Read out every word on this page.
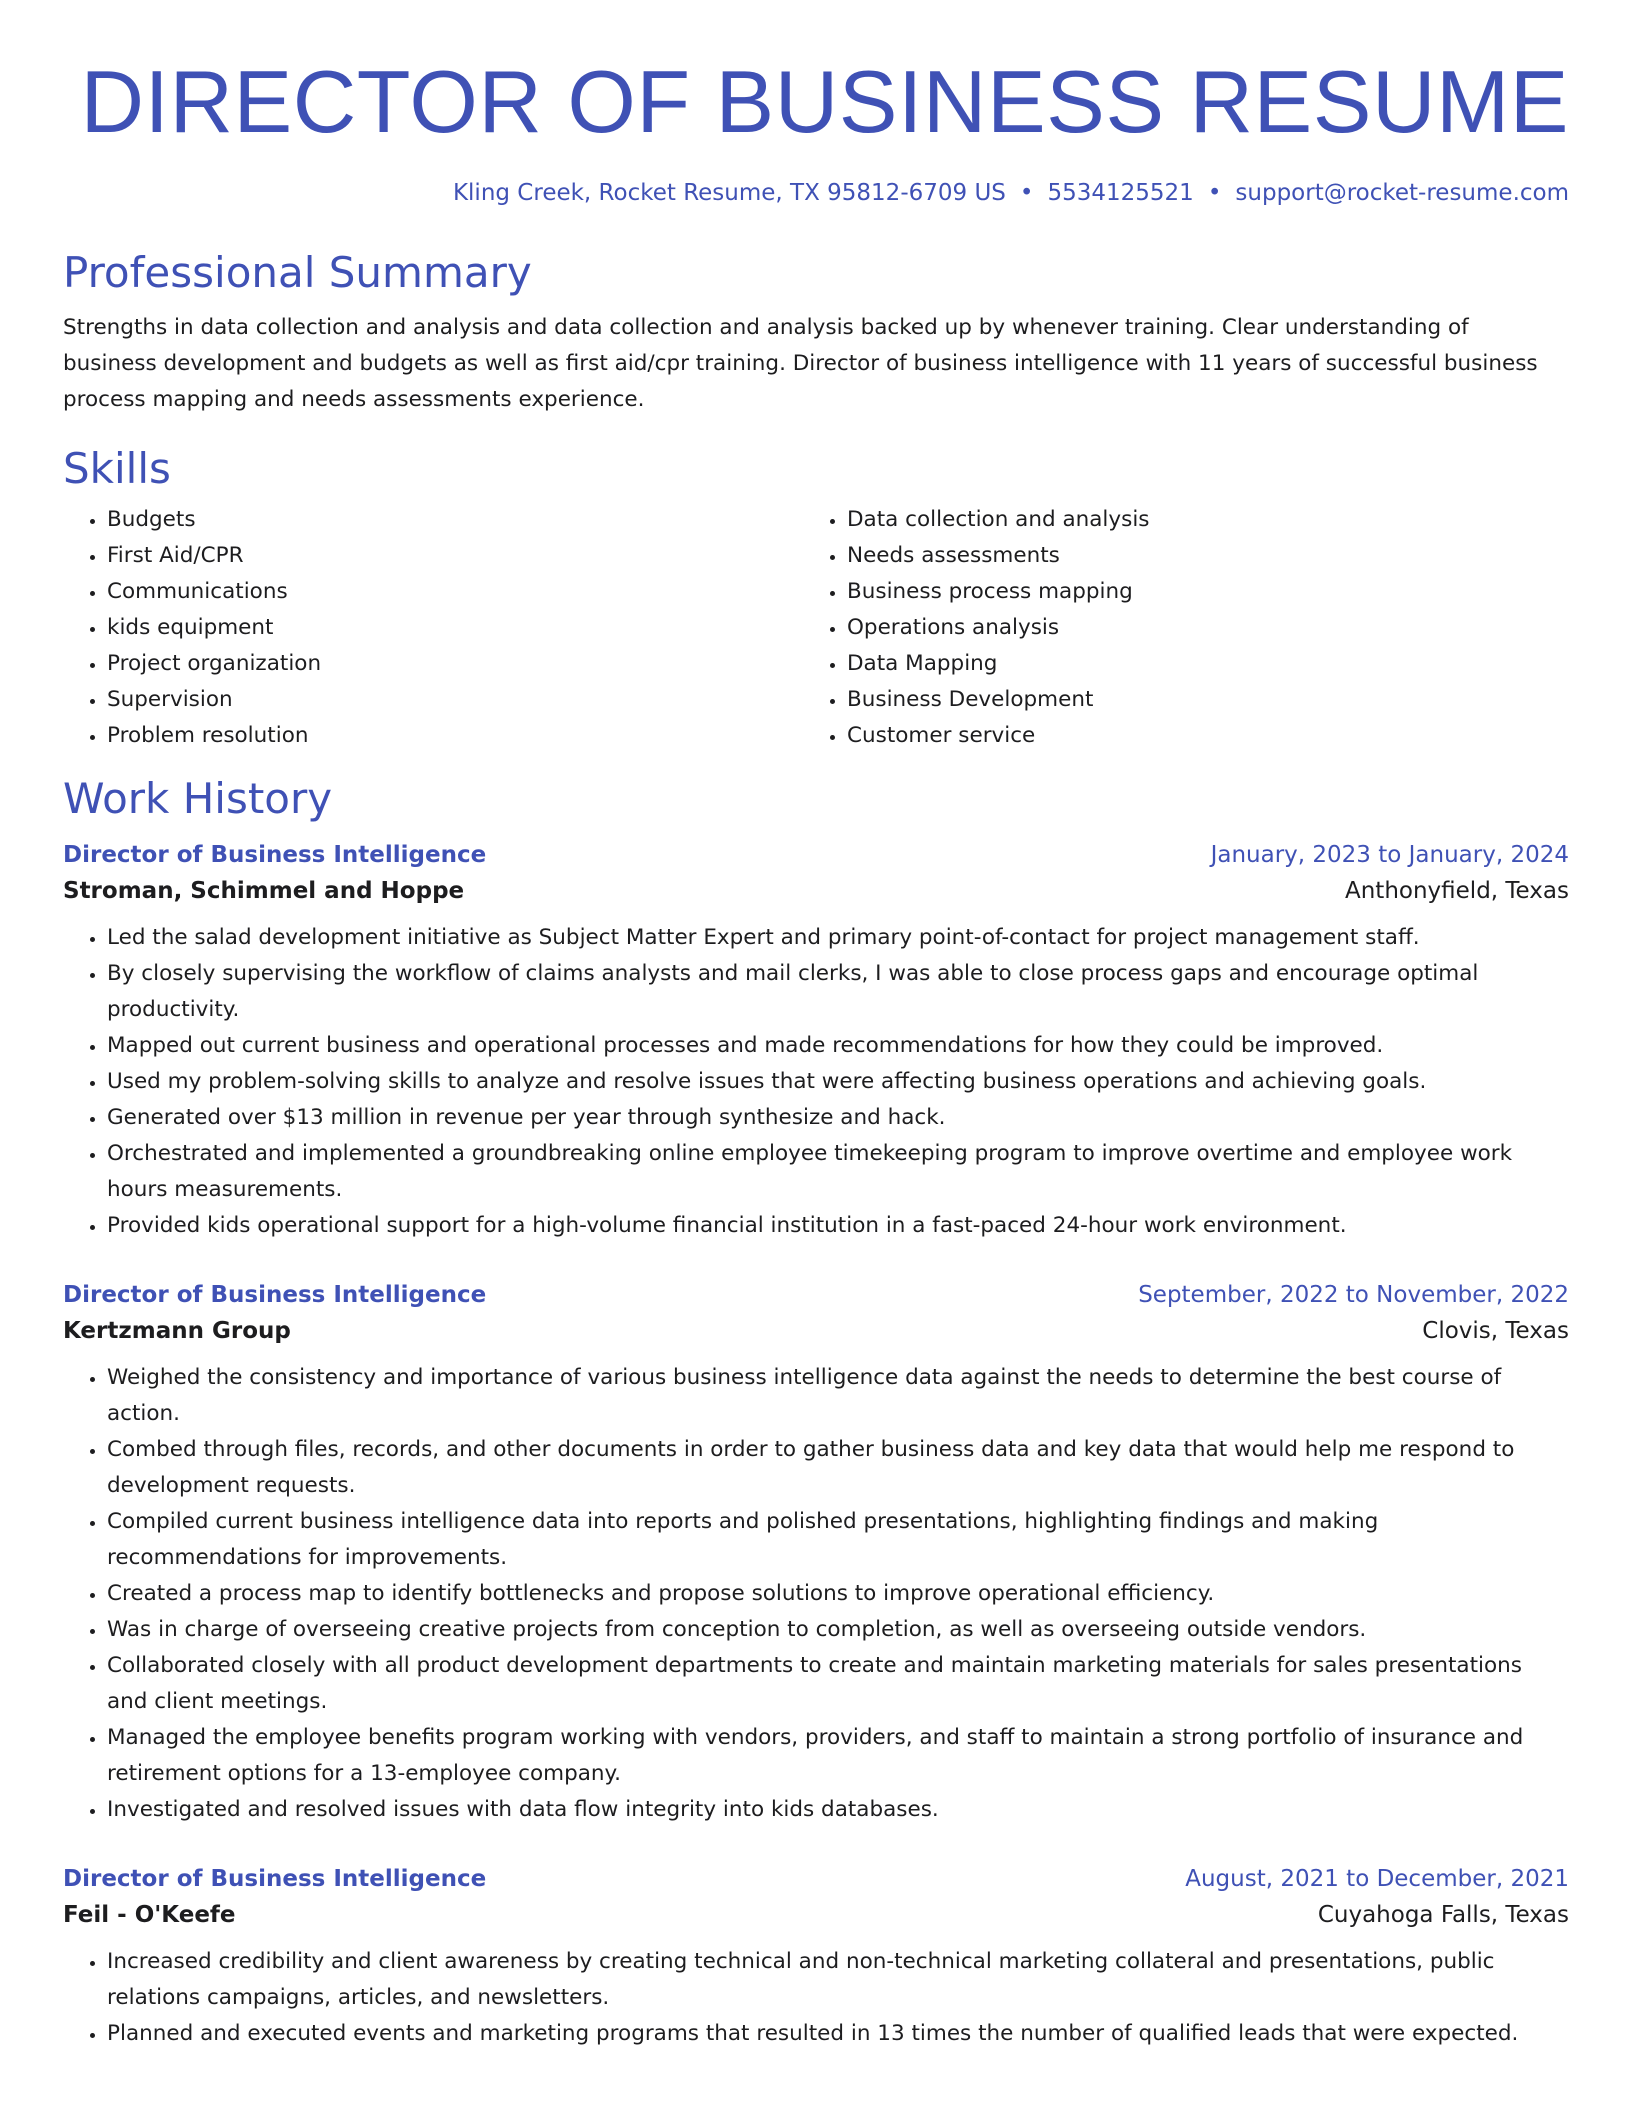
DIRECTOR OF BUSINESS RESUME
Kling Creek, Rocket Resume, TX 95812-6709 US • 5534125521 • support@rocket-resume.com
Professional Summary
Strengths in data collection and analysis and data collection and analysis backed up by whenever training. Clear understanding of business development and budgets as well as first aid/cpr training. Director of business intelligence with 11 years of successful business process mapping and needs assessments experience.
Skills
• Budgets
• First Aid/CPR
• Communications
• kids equipment
• Project organization
• Supervision
• Problem resolution
• Data collection and analysis
• Needs assessments
• Business process mapping
• Operations analysis
• Data Mapping
• Business Development
• Customer service
Work History
Director of Business Intelligence	January, 2023 to January, 2024
Stroman, Schimmel and Hoppe	Anthonyfield, Texas
• Led the salad development initiative as Subject Matter Expert and primary point-of-contact for project management staff.
• By closely supervising the workflow of claims analysts and mail clerks, I was able to close process gaps and encourage optimal productivity.
• Mapped out current business and operational processes and made recommendations for how they could be improved.
• Used my problem-solving skills to analyze and resolve issues that were affecting business operations and achieving goals.
• Generated over $13 million in revenue per year through synthesize and hack.
• Orchestrated and implemented a groundbreaking online employee timekeeping program to improve overtime and employee work hours measurements.
• Provided kids operational support for a high-volume financial institution in a fast-paced 24-hour work environment.
Director of Business Intelligence	September, 2022 to November, 2022
Kertzmann Group	Clovis, Texas
• Weighed the consistency and importance of various business intelligence data against the needs to determine the best course of action.
• Combed through files, records, and other documents in order to gather business data and key data that would help me respond to development requests.
• Compiled current business intelligence data into reports and polished presentations, highlighting findings and making recommendations for improvements.
• Created a process map to identify bottlenecks and propose solutions to improve operational efficiency.
• Was in charge of overseeing creative projects from conception to completion, as well as overseeing outside vendors.
• Collaborated closely with all product development departments to create and maintain marketing materials for sales presentations and client meetings.
• Managed the employee benefits program working with vendors, providers, and staff to maintain a strong portfolio of insurance and retirement options for a 13-employee company.
• Investigated and resolved issues with data flow integrity into kids databases.
Director of Business Intelligence	August, 2021 to December, 2021
Feil - O'Keefe	Cuyahoga Falls, Texas
• Increased credibility and client awareness by creating technical and non-technical marketing collateral and presentations, public relations campaigns, articles, and newsletters.
• Planned and executed events and marketing programs that resulted in 13 times the number of qualified leads that were expected.
